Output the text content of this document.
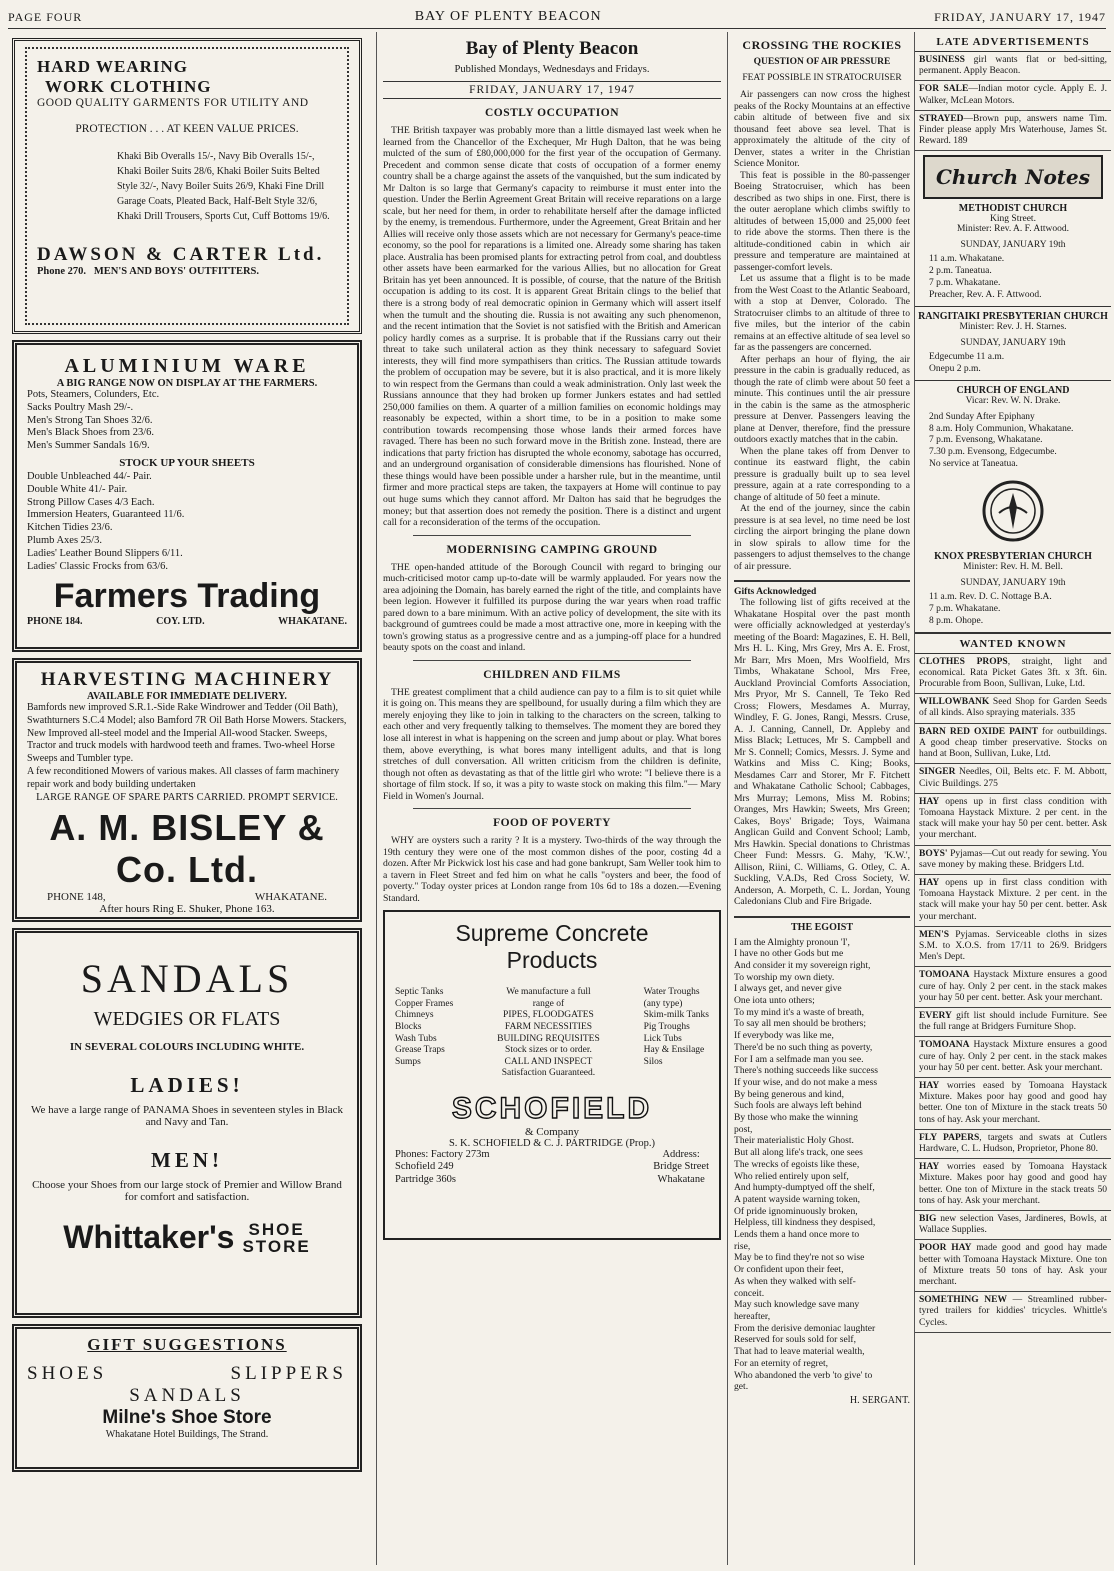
PAGE FOUR	BAY OF PLENTY BEACON	FRIDAY, JANUARY 17, 1947
HARD WEARING
WORK CLOTHING
GOOD QUALITY GARMENTS FOR UTILITY AND
PROTECTION . . . AT KEEN VALUE PRICES.
Khaki Bib Overalls 15/-, Navy Bib Overalls 15/-, Khaki Boiler Suits 28/6, Khaki Boiler Suits Belted Style 32/-, Navy Boiler Suits 26/9, Khaki Fine Drill Garage Coats, Pleated Back, Half-Belt Style 32/6, Khaki Drill Trousers, Sports Cut, Cuff Bottoms 19/6.
DAWSON & CARTER Ltd.
Phone 270. MEN'S AND BOYS' OUTFITTERS.
ALUMINIUM WARE
A BIG RANGE NOW ON DISPLAY AT THE FARMERS.
Pots, Steamers, Colunders, Etc.
Sacks Poultry Mash 29/-.
Men's Strong Tan Shoes 32/6.
Men's Black Shoes from 23/6.
Men's Summer Sandals 16/9.
STOCK UP YOUR SHEETS
Double Unbleached 44/- Pair.
Double White 41/- Pair.
Strong Pillow Cases 4/3 Each.
Immersion Heaters, Guaranteed 11/6.
Kitchen Tidies 23/6.
Plumb Axes 25/3.
Ladies' Leather Bound Slippers 6/11.
Ladies' Classic Frocks from 63/6.
Farmers Trading
PHONE 184.	COY. LTD.	WHAKATANE.
HARVESTING MACHINERY
AVAILABLE FOR IMMEDIATE DELIVERY.
Bamfords new improved S.R.1.-Side Rake Windrower and Tedder (Oil Bath), Swathturners S.C.4 Model; also Bamford 7R Oil Bath Horse Mowers. Stackers, New Improved all-steel model and the Imperial All-wood Stacker. Sweeps, Tractor and truck models with hardwood teeth and frames. Two-wheel Horse Sweeps and Tumbler type.
A few reconditioned Mowers of various makes. All classes of farm machinery repair work and body building undertaken
LARGE RANGE OF SPARE PARTS CARRIED. PROMPT SERVICE.
A. M. BISLEY & Co. Ltd.
PHONE 148,	WHAKATANE.
After hours Ring E. Shuker, Phone 163.
SANDALS
WEDGIES OR FLATS
IN SEVERAL COLOURS INCLUDING WHITE.
LADIES!
We have a large range of PANAMA Shoes in seventeen styles in Black and Navy and Tan.
MEN!
Choose your Shoes from our large stock of Premier and Willow Brand for comfort and satisfaction.
Whittaker's SHOE
STORE
GIFT SUGGESTIONS
SHOES	SLIPPERS
SANDALS
Milne's Shoe Store
Whakatane Hotel Buildings, The Strand.
Bay of Plenty Beacon
Published Mondays, Wednesdays and Fridays.
FRIDAY, JANUARY 17, 1947
COSTLY OCCUPATION

THE British taxpayer was probably more than a little dismayed last week when he learned from the Chancellor of the Exchequer, Mr Hugh Dalton, that he was being mulcted of the sum of £80,000,000 for the first year of the occupation of Germany. Precedent and common sense dicate that costs of occupation of a former enemy country shall be a charge against the assets of the vanquished, but the sum indicated by Mr Dalton is so large that Germany's capacity to reimburse it must enter into the question. Under the Berlin Agreement Great Britain will receive reparations on a large scale, but her need for them, in order to rehabilitate herself after the damage inflicted by the enemy, is tremendous. Furthermore, under the Agreement, Great Britain and her Allies will receive only those assets which are not necessary for Germany's peace-time economy, so the pool for reparations is a limited one. Already some sharing has taken place. Australia has been promised plants for extracting petrol from coal, and doubtless other assets have been earmarked for the various Allies, but no allocation for Great Britain has yet been announced. It is possible, of course, that the nature of the British occupation is adding to its cost. It is apparent Great Britain clings to the belief that there is a strong body of real democratic opinion in Germany which will assert itself when the tumult and the shouting die. Russia is not awaiting any such phenomenon, and the recent intimation that the Soviet is not satisfied with the British and American policy hardly comes as a surprise. It is probable that if the Russians carry out their threat to take such unilateral action as they think necessary to safeguard Soviet interests, they will find more sympathisers than critics. The Russian attitude towards the problem of occupation may be severe, but it is also practical, and it is more likely to win respect from the Germans than could a weak administration. Only last week the Russians announce that they had broken up former Junkers estates and had settled 250,000 families on them. A quarter of a million families on economic holdings may reasonably be expected, within a short time, to be in a position to make some contribution towards recompensing those whose lands their armed forces have ravaged. There has been no such forward move in the British zone. Instead, there are indications that party friction has disrupted the whole economy, sabotage has occurred, and an underground organisation of considerable dimensions has flourished. None of these things would have been possible under a harsher rule, but in the meantime, until firmer and more practical steps are taken, the taxpayers at Home will continue to pay out huge sums which they cannot afford. Mr Dalton has said that he begrudges the money; but that assertion does not remedy the position. There is a distinct and urgent call for a reconsideration of the terms of the occupation.

MODERNISING CAMPING GROUND

THE open-handed attitude of the Borough Council with regard to bringing our much-criticised motor camp up-to-date will be warmly applauded. For years now the area adjoining the Domain, has barely earned the right of the title, and complaints have been legion. However it fulfilled its purpose during the war years when road traffic pared down to a bare minimum. With an active policy of development, the site with its background of gumtrees could be made a most attractive one, more in keeping with the town's growing status as a progressive centre and as a jumping-off place for a hundred beauty spots on the coast and inland.

CHILDREN AND FILMS

THE greatest compliment that a child audience can pay to a film is to sit quiet while it is going on. This means they are spellbound, for usually during a film which they are merely enjoying they like to join in talking to the characters on the screen, talking to each other and very frequently talking to themselves. The moment they are bored they lose all interest in what is happening on the screen and jump about or play. What bores them, above everything, is what bores many intelligent adults, and that is long stretches of dull conversation. All written criticism from the children is definite, though not often as devastating as that of the little girl who wrote: "I believe there is a shortage of film stock. If so, it was a pity to waste stock on making this film."— Mary Field in Women's Journal.

FOOD OF POVERTY

WHY are oysters such a rarity ? It is a mystery. Two-thirds of the way through the 19th century they were one of the most common dishes of the poor, costing 4d a dozen. After Mr Pickwick lost his case and had gone bankrupt, Sam Weller took him to a tavern in Fleet Street and fed him on what he calls "oysters and beer, the food of poverty." Today oyster prices at London range from 10s 6d to 18s a dozen.—Evening Standard.

Supreme Concrete
Products
Septic Tanks
Copper Frames
Chimneys
Blocks
Wash Tubs
Grease Traps
Sumps
We manufacture a full
range of
PIPES, FLOODGATES
FARM NECESSITIES
BUILDING REQUISITES
Stock sizes or to order.
CALL AND INSPECT
Satisfaction Guaranteed.
Water Troughs
(any type)
Skim-milk Tanks
Pig Troughs
Lick Tubs
Hay & Ensilage
Silos
SCHOFIELD
& Company
S. K. SCHOFIELD & C. J. PARTRIDGE (Prop.)
Phones: Factory 273m
Schofield 249
Partridge 360s
Address:
Bridge Street
Whakatane
CROSSING THE ROCKIES
QUESTION OF AIR PRESSURE
FEAT POSSIBLE IN STRATOCRUISER

Air passengers can now cross the highest peaks of the Rocky Mountains at an effective cabin altitude of between five and six thousand feet above sea level. That is approximately the altitude of the city of Denver, states a writer in the Christian Science Monitor.

This feat is possible in the 80-passenger Boeing Stratocruiser, which has been described as two ships in one. First, there is the outer aeroplane which climbs swiftly to altitudes of between 15,000 and 25,000 feet to ride above the storms. Then there is the altitude-conditioned cabin in which air pressure and temperature are maintained at passenger-comfort levels.

Let us assume that a flight is to be made from the West Coast to the Atlantic Seaboard, with a stop at Denver, Colorado. The Stratocruiser climbs to an altitude of three to five miles, but the interior of the cabin remains at an effective altitude of sea level so far as the passengers are concerned.

After perhaps an hour of flying, the air pressure in the cabin is gradually reduced, as though the rate of climb were about 50 feet a minute. This continues until the air pressure in the cabin is the same as the atmospheric pressure at Denver. Passengers leaving the plane at Denver, therefore, find the pressure outdoors exactly matches that in the cabin.

When the plane takes off from Denver to continue its eastward flight, the cabin pressure is gradually built up to sea level pressure, again at a rate corresponding to a change of altitude of 50 feet a minute.

At the end of the journey, since the cabin pressure is at sea level, no time need be lost circling the airport bringing the plane down in slow spirals to allow time for the passengers to adjust themselves to the change of air pressure.

Gifts Acknowledged

The following list of gifts received at the Whakatane Hospital over the past month were officially acknowledged at yesterday's meeting of the Board: Magazines, E. H. Bell, Mrs H. L. King, Mrs Grey, Mrs A. E. Frost, Mr Barr, Mrs Moen, Mrs Woolfield, Mrs Timbs, Whakatane School, Mrs Free, Auckland Provincial Comforts Association, Mrs Pryor, Mr S. Cannell, Te Teko Red Cross; Flowers, Mesdames A. Murray, Windley, F. G. Jones, Rangi, Messrs. Cruse, A. J. Canning, Cannell, Dr. Appleby and Miss Black; Lettuces, Mr S. Campbell and Mr S. Connell; Comics, Messrs. J. Syme and Watkins and Miss C. King; Books, Mesdames Carr and Storer, Mr F. Fitchett and Whakatane Catholic School; Cabbages, Mrs Murray; Lemons, Miss M. Robins; Oranges, Mrs Hawkin; Sweets, Mrs Green; Cakes, Boys' Brigade; Toys, Waimana Anglican Guild and Convent School; Lamb, Mrs Hawkin. Special donations to Christmas Cheer Fund: Messrs. G. Mahy, 'K.W.', Allison, Riini, C. Williams, G. Otley, C. A. Suckling, V.A.Ds, Red Cross Society, W. Anderson, A. Morpeth, C. L. Jordan, Young Caledonians Club and Fire Brigade.

THE EGOIST
I am the Almighty pronoun 'I',
I have no other Gods but me
And consider it my sovereign right,
To worship my own diety.
I always get, and never give
One iota unto others;
To my mind it's a waste of breath,
To say all men should be brothers;
If everybody was like me,
There'd be no such thing as poverty,
For I am a selfmade man you see.
There's nothing succeeds like success
If your wise, and do not make a mess
By being generous and kind,
Such fools are always left behind
By those who make the winning
post,
Their materialistic Holy Ghost.
But all along life's track, one sees
The wrecks of egoists like these,
Who relied entirely upon self,
And humpty-dumptyed off the shelf,
A patent wayside warning token,
Of pride ignominuously broken,
Helpless, till kindness they despised,
Lends them a hand once more to
rise,
May be to find they're not so wise
Or confident upon their feet,
As when they walked with self-
conceit.
May such knowledge save many
hereafter,
From the derisive demoniac laughter
Reserved for souls sold for self,
That had to leave material wealth,
For an eternity of regret,
Who abandoned the verb 'to give' to
get.
H. SERGANT.
LATE ADVERTISEMENTS
BUSINESS girl wants flat or bed-sitting, permanent. Apply Beacon.
FOR SALE—Indian motor cycle. Apply E. J. Walker, McLean Motors.
STRAYED—Brown pup, answers name Tim. Finder please apply Mrs Waterhouse, James St. Reward. 189
Church Notes
METHODIST CHURCH
King Street.
Minister: Rev. A. F. Attwood.
SUNDAY, JANUARY 19th
11 a.m. Whakatane.
2 p.m. Taneatua.
7 p.m. Whakatane.
Preacher, Rev. A. F. Attwood.
RANGITAIKI PRESBYTERIAN CHURCH
Minister: Rev. J. H. Starnes.
SUNDAY, JANUARY 19th
Edgecumbe 11 a.m.
Onepu 2 p.m.
CHURCH OF ENGLAND
Vicar: Rev. W. N. Drake.
2nd Sunday After Epiphany
8 a.m. Holy Communion, Whakatane.
7 p.m. Evensong, Whakatane.
7.30 p.m. Evensong, Edgecumbe.
No service at Taneatua.
KNOX PRESBYTERIAN CHURCH
Minister: Rev. H. M. Bell.
SUNDAY, JANUARY 19th
11 a.m. Rev. D. C. Nottage B.A.
7 p.m. Whakatane.
8 p.m. Ohope.
WANTED KNOWN
CLOTHES PROPS, straight, light and economical. Rata Picket Gates 3ft. x 3ft. 6in. Procurable from Boon, Sullivan, Luke, Ltd.
WILLOWBANK Seed Shop for Garden Seeds of all kinds. Also spraying materials. 335
BARN RED OXIDE PAINT for outbuildings. A good cheap timber preservative. Stocks on hand at Boon, Sullivan, Luke, Ltd.
SINGER Needles, Oil, Belts etc. F. M. Abbott, Civic Buildings. 275
HAY opens up in first class condition with Tomoana Haystack Mixture. 2 per cent. in the stack will make your hay 50 per cent. better. Ask your merchant.
BOYS' Pyjamas—Cut out ready for sewing. You save money by making these. Bridgers Ltd.
HAY opens up in first class condition with Tomoana Haystack Mixture. 2 per cent. in the stack will make your hay 50 per cent. better. Ask your merchant.
MEN'S Pyjamas. Serviceable cloths in sizes S.M. to X.O.S. from 17/11 to 26/9. Bridgers Men's Dept.
TOMOANA Haystack Mixture ensures a good cure of hay. Only 2 per cent. in the stack makes your hay 50 per cent. better. Ask your merchant.
EVERY gift list should include Furniture. See the full range at Bridgers Furniture Shop.
TOMOANA Haystack Mixture ensures a good cure of hay. Only 2 per cent. in the stack makes your hay 50 per cent. better. Ask your merchant.
HAY worries eased by Tomoana Haystack Mixture. Makes poor hay good and good hay better. One ton of Mixture in the stack treats 50 tons of hay. Ask your merchant.
FLY PAPERS, targets and swats at Cutlers Hardware, C. L. Hudson, Proprietor, Phone 80.
HAY worries eased by Tomoana Haystack Mixture. Makes poor hay good and good hay better. One ton of Mixture in the stack treats 50 tons of hay. Ask your merchant.
BIG new selection Vases, Jardineres, Bowls, at Wallace Supplies.
POOR HAY made good and good hay made better with Tomoana Haystack Mixture. One ton of Mixture treats 50 tons of hay. Ask your merchant.
SOMETHING NEW — Streamlined rubber-tyred trailers for kiddies' tricycles. Whittle's Cycles.
